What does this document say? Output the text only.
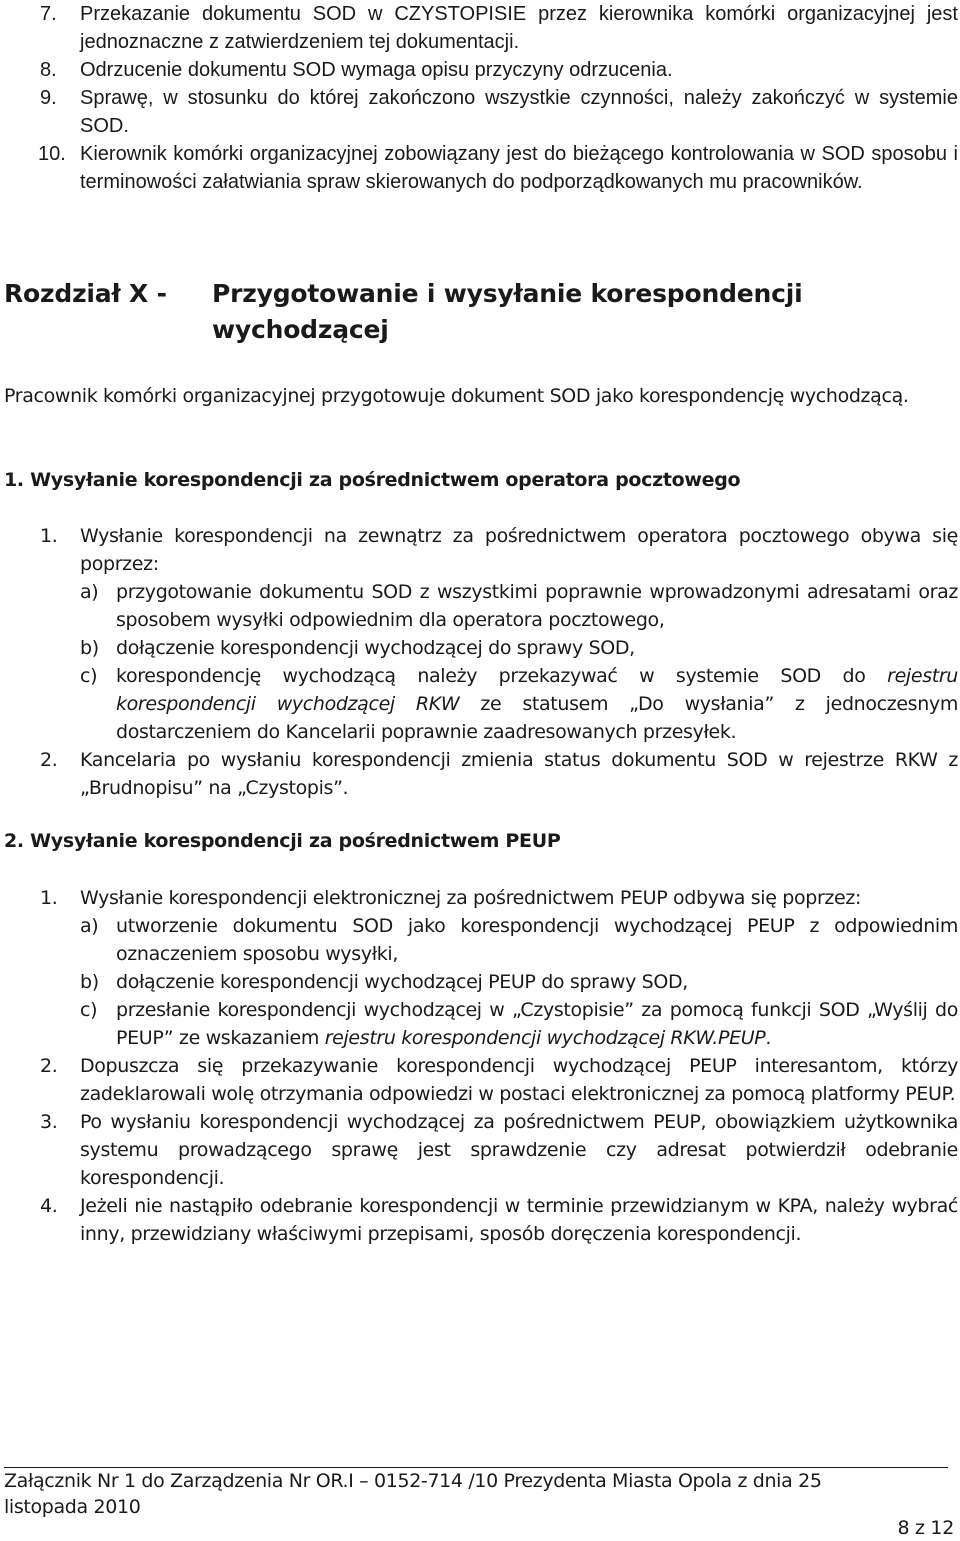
7. Przekazanie dokumentu SOD w CZYSTOPISIE przez kierownika komórki organizacyjnej jest jednoznaczne z zatwierdzeniem tej dokumentacji.
8. Odrzucenie dokumentu SOD wymaga opisu przyczyny odrzucenia.
9. Sprawę, w stosunku do której zakończono wszystkie czynności, należy zakończyć w systemie SOD.
10. Kierownik komórki organizacyjnej zobowiązany jest do bieżącego kontrolowania w SOD sposobu i terminowości załatwiania spraw skierowanych do podporządkowanych mu pracowników.
Rozdział X - Przygotowanie i wysyłanie korespondencji wychodzącej

Pracownik komórki organizacyjnej przygotowuje dokument SOD jako korespondencję wychodzącą.

1. Wysyłanie korespondencji za pośrednictwem operatora pocztowego
1. Wysłanie korespondencji na zewnątrz za pośrednictwem operatora pocztowego obywa się poprzez:
a) przygotowanie dokumentu SOD z wszystkimi poprawnie wprowadzonymi adresatami oraz sposobem wysyłki odpowiednim dla operatora pocztowego,
b) dołączenie korespondencji wychodzącej do sprawy SOD,
c) korespondencję wychodzącą należy przekazywać w systemie SOD do rejestru korespondencji wychodzącej RKW ze statusem „Do wysłania” z jednoczesnym dostarczeniem do Kancelarii poprawnie zaadresowanych przesyłek.
2. Kancelaria po wysłaniu korespondencji zmienia status dokumentu SOD w rejestrze RKW z „Brudnopisu” na „Czystopis”.
2. Wysyłanie korespondencji za pośrednictwem PEUP
1. Wysłanie korespondencji elektronicznej za pośrednictwem PEUP odbywa się poprzez:
a) utworzenie dokumentu SOD jako korespondencji wychodzącej PEUP z odpowiednim oznaczeniem sposobu wysyłki,
b) dołączenie korespondencji wychodzącej PEUP do sprawy SOD,
c) przesłanie korespondencji wychodzącej w „Czystopisie” za pomocą funkcji SOD „Wyślij do PEUP” ze wskazaniem rejestru korespondencji wychodzącej RKW.PEUP.
2. Dopuszcza się przekazywanie korespondencji wychodzącej PEUP interesantom, którzy zadeklarowali wolę otrzymania odpowiedzi w postaci elektronicznej za pomocą platformy PEUP.
3. Po wysłaniu korespondencji wychodzącej za pośrednictwem PEUP, obowiązkiem użytkownika systemu prowadzącego sprawę jest sprawdzenie czy adresat potwierdził odebranie korespondencji.
4. Jeżeli nie nastąpiło odebranie korespondencji w terminie przewidzianym w KPA, należy wybrać inny, przewidziany właściwymi przepisami, sposób doręczenia korespondencji.
Załącznik Nr 1 do Zarządzenia Nr OR.I – 0152-714 /10 Prezydenta Miasta Opola z dnia 25 listopada 2010
8 z 12
